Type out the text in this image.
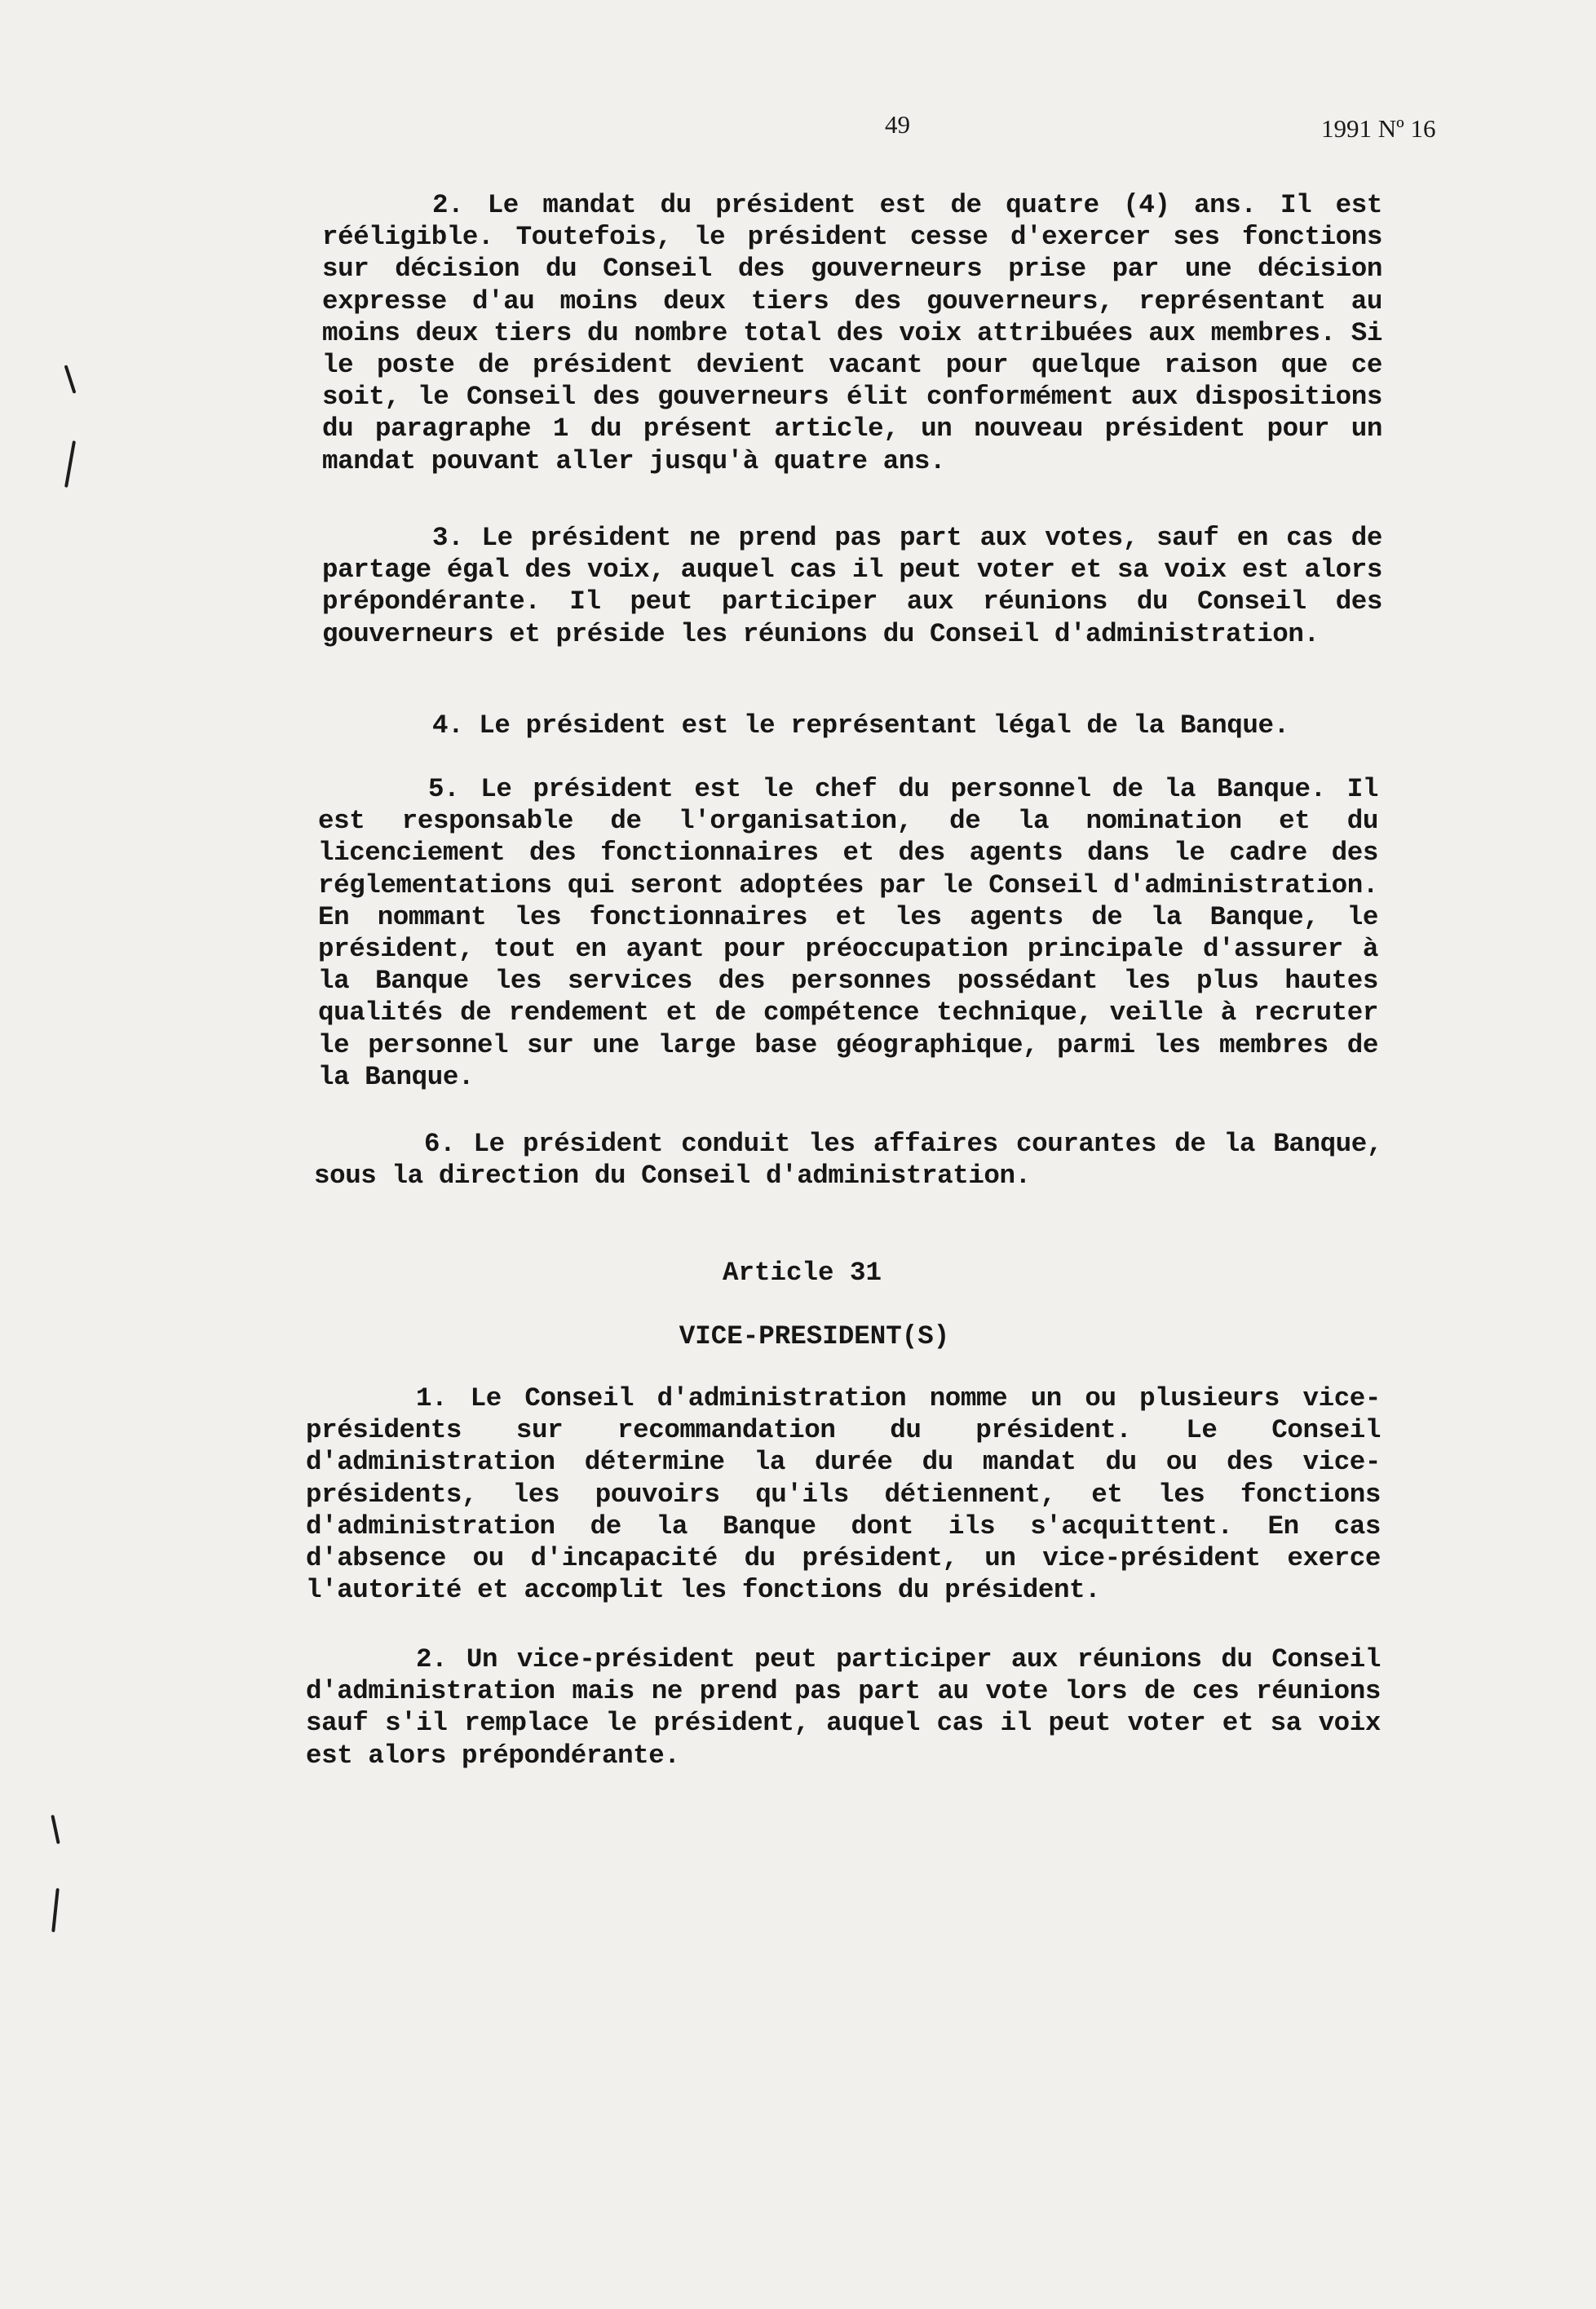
49	1991 Nº 16

2. Le mandat du président est de quatre (4) ans. Il est rééligible. Toutefois, le président cesse d'exercer ses fonctions sur décision du Conseil des gouverneurs prise par une décision expresse d'au moins deux tiers des gouverneurs, représentant au moins deux tiers du nombre total des voix attribuées aux membres. Si le poste de président devient vacant pour quelque raison que ce soit, le Conseil des gouverneurs élit conformément aux dispositions du paragraphe 1 du présent article, un nouveau président pour un mandat pouvant aller jusqu'à quatre ans.

3. Le président ne prend pas part aux votes, sauf en cas de partage égal des voix, auquel cas il peut voter et sa voix est alors prépondérante. Il peut participer aux réunions du Conseil des gouverneurs et préside les réunions du Conseil d'administration.

4. Le président est le représentant légal de la Banque.

5. Le président est le chef du personnel de la Banque. Il est responsable de l'organisation, de la nomination et du licenciement des fonctionnaires et des agents dans le cadre des réglementations qui seront adoptées par le Conseil d'administration. En nommant les fonctionnaires et les agents de la Banque, le président, tout en ayant pour préoccupation principale d'assurer à la Banque les services des personnes possédant les plus hautes qualités de rendement et de compétence technique, veille à recruter le personnel sur une large base géographique, parmi les membres de la Banque.

6. Le président conduit les affaires courantes de la Banque, sous la direction du Conseil d'administration.

Article 31
VICE-PRESIDENT(S)

1. Le Conseil d'administration nomme un ou plusieurs vice-présidents sur recommandation du président. Le Conseil d'administration détermine la durée du mandat du ou des vice-présidents, les pouvoirs qu'ils détiennent, et les fonctions d'administration de la Banque dont ils s'acquittent. En cas d'absence ou d'incapacité du président, un vice-président exerce l'autorité et accomplit les fonctions du président.

2. Un vice-président peut participer aux réunions du Conseil d'administration mais ne prend pas part au vote lors de ces réunions sauf s'il remplace le président, auquel cas il peut voter et sa voix est alors prépondérante.
